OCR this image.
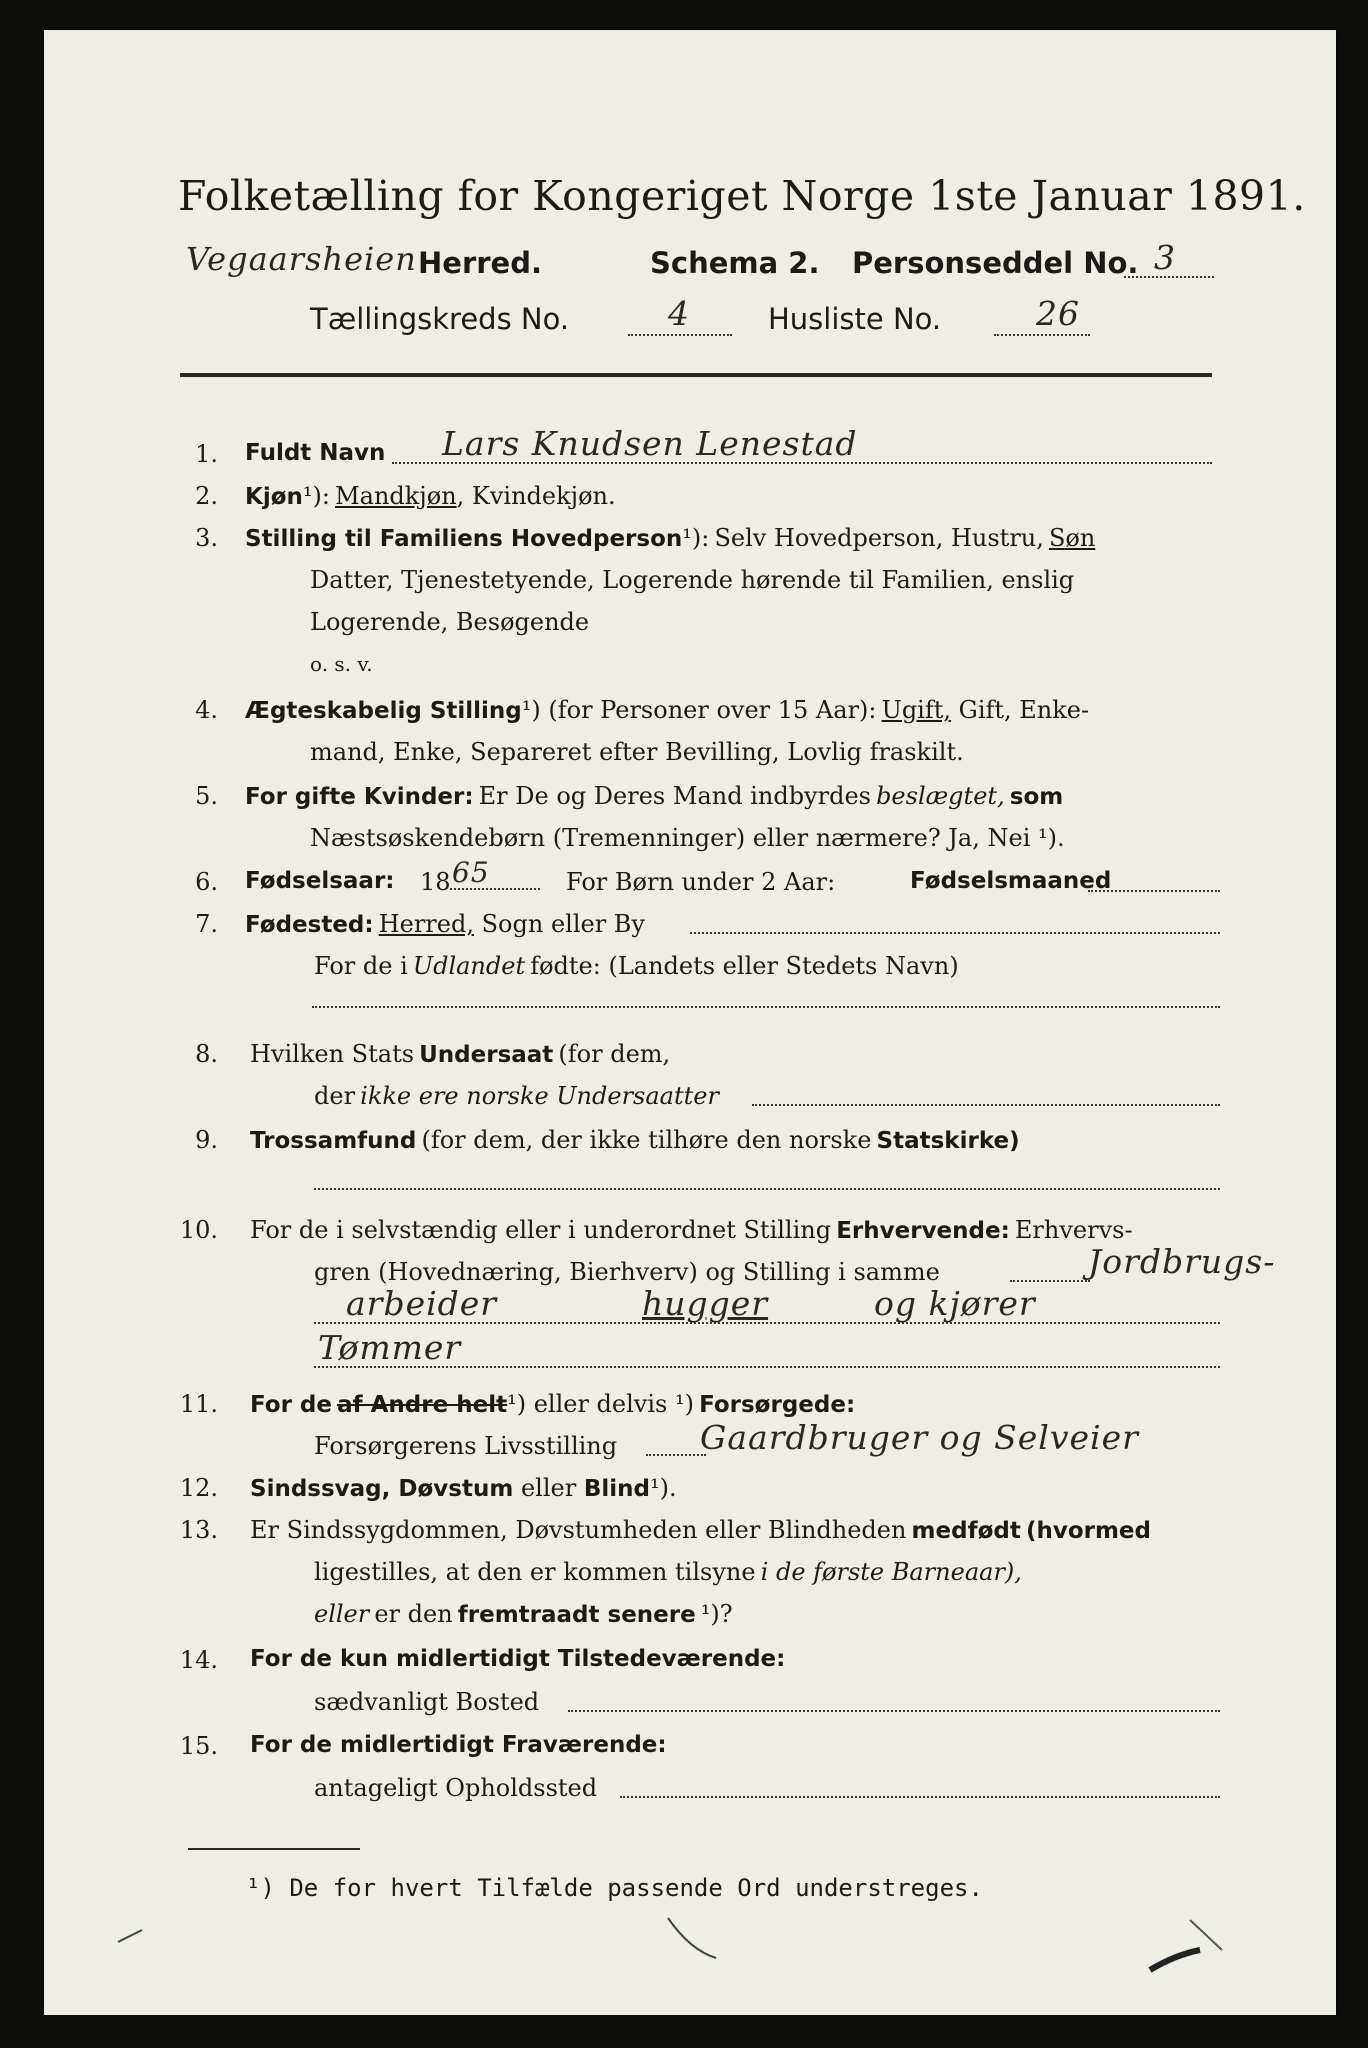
Folketælling for Kongeriget Norge 1ste Januar 1891.
Vegaarsheien Herred.	Schema 2. Personseddel No. 3
Tællingskreds No.	4	Husliste No.	26
1. Fuldt Navn Lars Knudsen Lenestad
2. Kjøn¹): Mandkjøn, Kvindekjøn.
3. Stilling til Familiens Hovedperson¹): Selv Hovedperson, Hustru, Søn
Datter, Tjenestetyende, Logerende hørende til Familien, enslig
Logerende, Besøgende
o. s. v.
4. Ægteskabelig Stilling¹) (for Personer over 15 Aar): Ugift, Gift, Enke-
mand, Enke, Separeret efter Bevilling, Lovlig fraskilt.
5. For gifte Kvinder: Er De og Deres Mand indbyrdes beslægtet, som
Næstsøskendebørn (Tremenninger) eller nærmere? Ja, Nei ¹).
6. Fødselsaar: 18 65	For Børn under 2 Aar:	Fødselsmaaned
7. Fødested: Herred, Sogn eller By
For de i Udlandet fødte: (Landets eller Stedets Navn)
8. Hvilken Stats Undersaat (for dem,
der ikke ere norske Undersaatter
9. Trossamfund (for dem, der ikke tilhøre den norske Statskirke)
10. For de i selvstændig eller i underordnet Stilling Erhvervende: Erhvervs-
gren (Hovednæring, Bierhverv) og Stilling i samme	Jordbrugs-
arbeider	hugger	og kjører
Tømmer
11. For de af Andre helt¹) eller delvis ¹) Forsørgede:
Forsørgerens Livsstilling	Gaardbruger og Selveier
12. Sindssvag, Døvstum eller Blind¹).
13. Er Sindssygdommen, Døvstumheden eller Blindheden medfødt (hvormed
ligestilles, at den er kommen tilsyne i de første Barneaar),
eller er den fremtraadt senere ¹)?
14. For de kun midlertidigt Tilstedeværende:
sædvanligt Bosted
15. For de midlertidigt Fraværende:
antageligt Opholdssted
¹) De for hvert Tilfælde passende Ord understreges.
